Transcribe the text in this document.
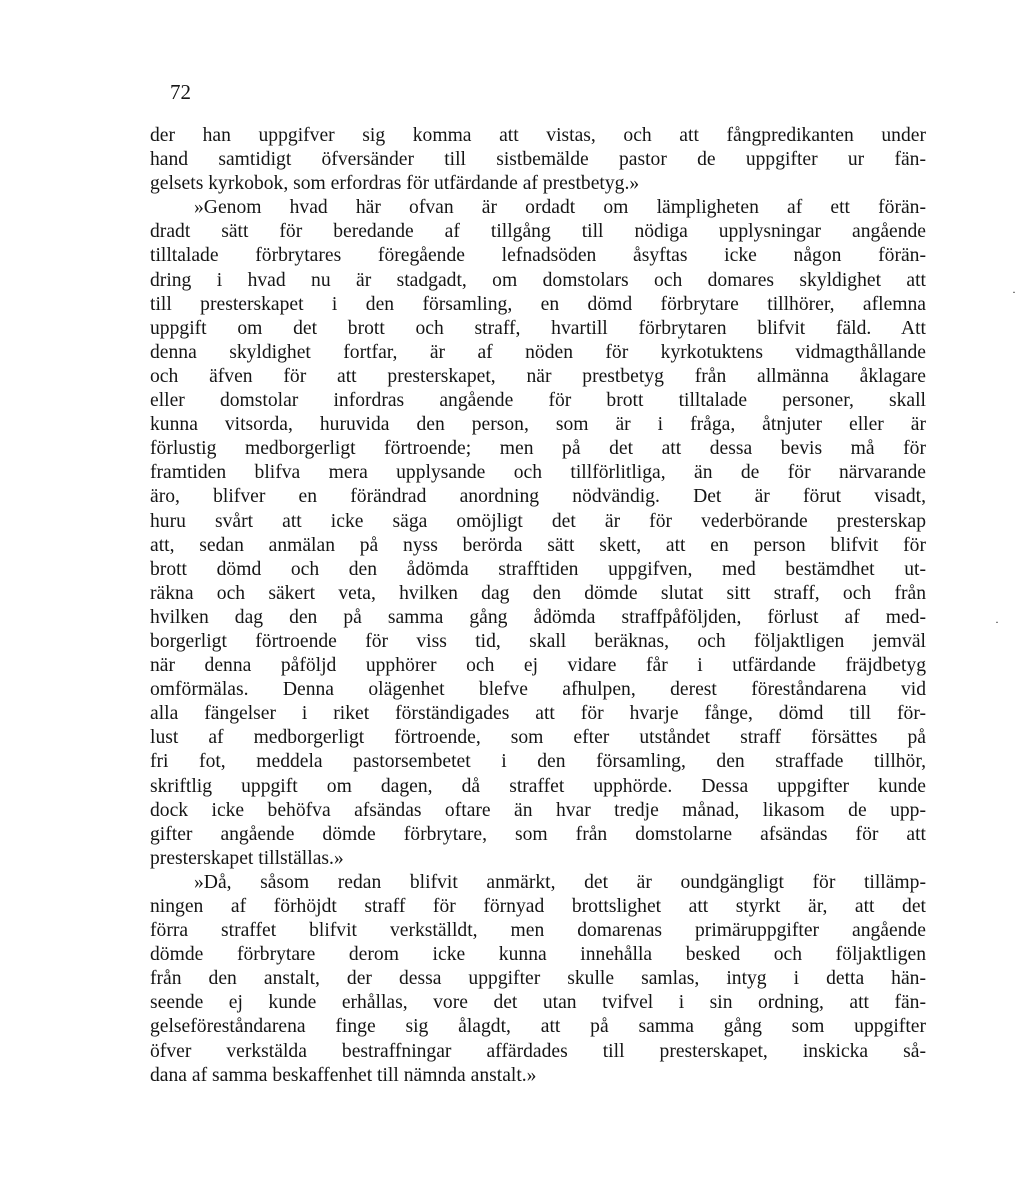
72
der han uppgifver sig komma att vistas, och att fångpredikanten under
hand samtidigt öfversänder till sistbemälde pastor de uppgifter ur fän-
gelsets kyrkobok, som erfordras för utfärdande af prestbetyg.»
»Genom hvad här ofvan är ordadt om lämpligheten af ett förän-
dradt sätt för beredande af tillgång till nödiga upplysningar angående
tilltalade förbrytares föregående lefnadsöden åsyftas icke någon förän-
dring i hvad nu är stadgadt, om domstolars och domares skyldighet att
till presterskapet i den församling, en dömd förbrytare tillhörer, aflemna
uppgift om det brott och straff, hvartill förbrytaren blifvit fäld. Att
denna skyldighet fortfar, är af nöden för kyrkotuktens vidmagthållande
och äfven för att presterskapet, när prestbetyg från allmänna åklagare
eller domstolar infordras angående för brott tilltalade personer, skall
kunna vitsorda, huruvida den person, som är i fråga, åtnjuter eller är
förlustig medborgerligt förtroende; men på det att dessa bevis må för
framtiden blifva mera upplysande och tillförlitliga, än de för närvarande
äro, blifver en förändrad anordning nödvändig. Det är förut visadt,
huru svårt att icke säga omöjligt det är för vederbörande presterskap
att, sedan anmälan på nyss berörda sätt skett, att en person blifvit för
brott dömd och den ådömda strafftiden uppgifven, med bestämdhet ut-
räkna och säkert veta, hvilken dag den dömde slutat sitt straff, och från
hvilken dag den på samma gång ådömda straffpåföljden, förlust af med-
borgerligt förtroende för viss tid, skall beräknas, och följaktligen jemväl
när denna påföljd upphörer och ej vidare får i utfärdande fräjdbetyg
omförmälas. Denna olägenhet blefve afhulpen, derest föreståndarena vid
alla fängelser i riket förständigades att för hvarje fånge, dömd till för-
lust af medborgerligt förtroende, som efter utståndet straff försättes på
fri fot, meddela pastorsembetet i den församling, den straffade tillhör,
skriftlig uppgift om dagen, då straffet upphörde. Dessa uppgifter kunde
dock icke behöfva afsändas oftare än hvar tredje månad, likasom de upp-
gifter angående dömde förbrytare, som från domstolarne afsändas för att
presterskapet tillställas.»
»Då, såsom redan blifvit anmärkt, det är oundgängligt för tillämp-
ningen af förhöjdt straff för förnyad brottslighet att styrkt är, att det
förra straffet blifvit verkställdt, men domarenas primäruppgifter angående
dömde förbrytare derom icke kunna innehålla besked och följaktligen
från den anstalt, der dessa uppgifter skulle samlas, intyg i detta hän-
seende ej kunde erhållas, vore det utan tvifvel i sin ordning, att fän-
gelseföreståndarena finge sig ålagdt, att på samma gång som uppgifter
öfver verkstälda bestraffningar affärdades till presterskapet, inskicka så-
dana af samma beskaffenhet till nämnda anstalt.»
·
·
